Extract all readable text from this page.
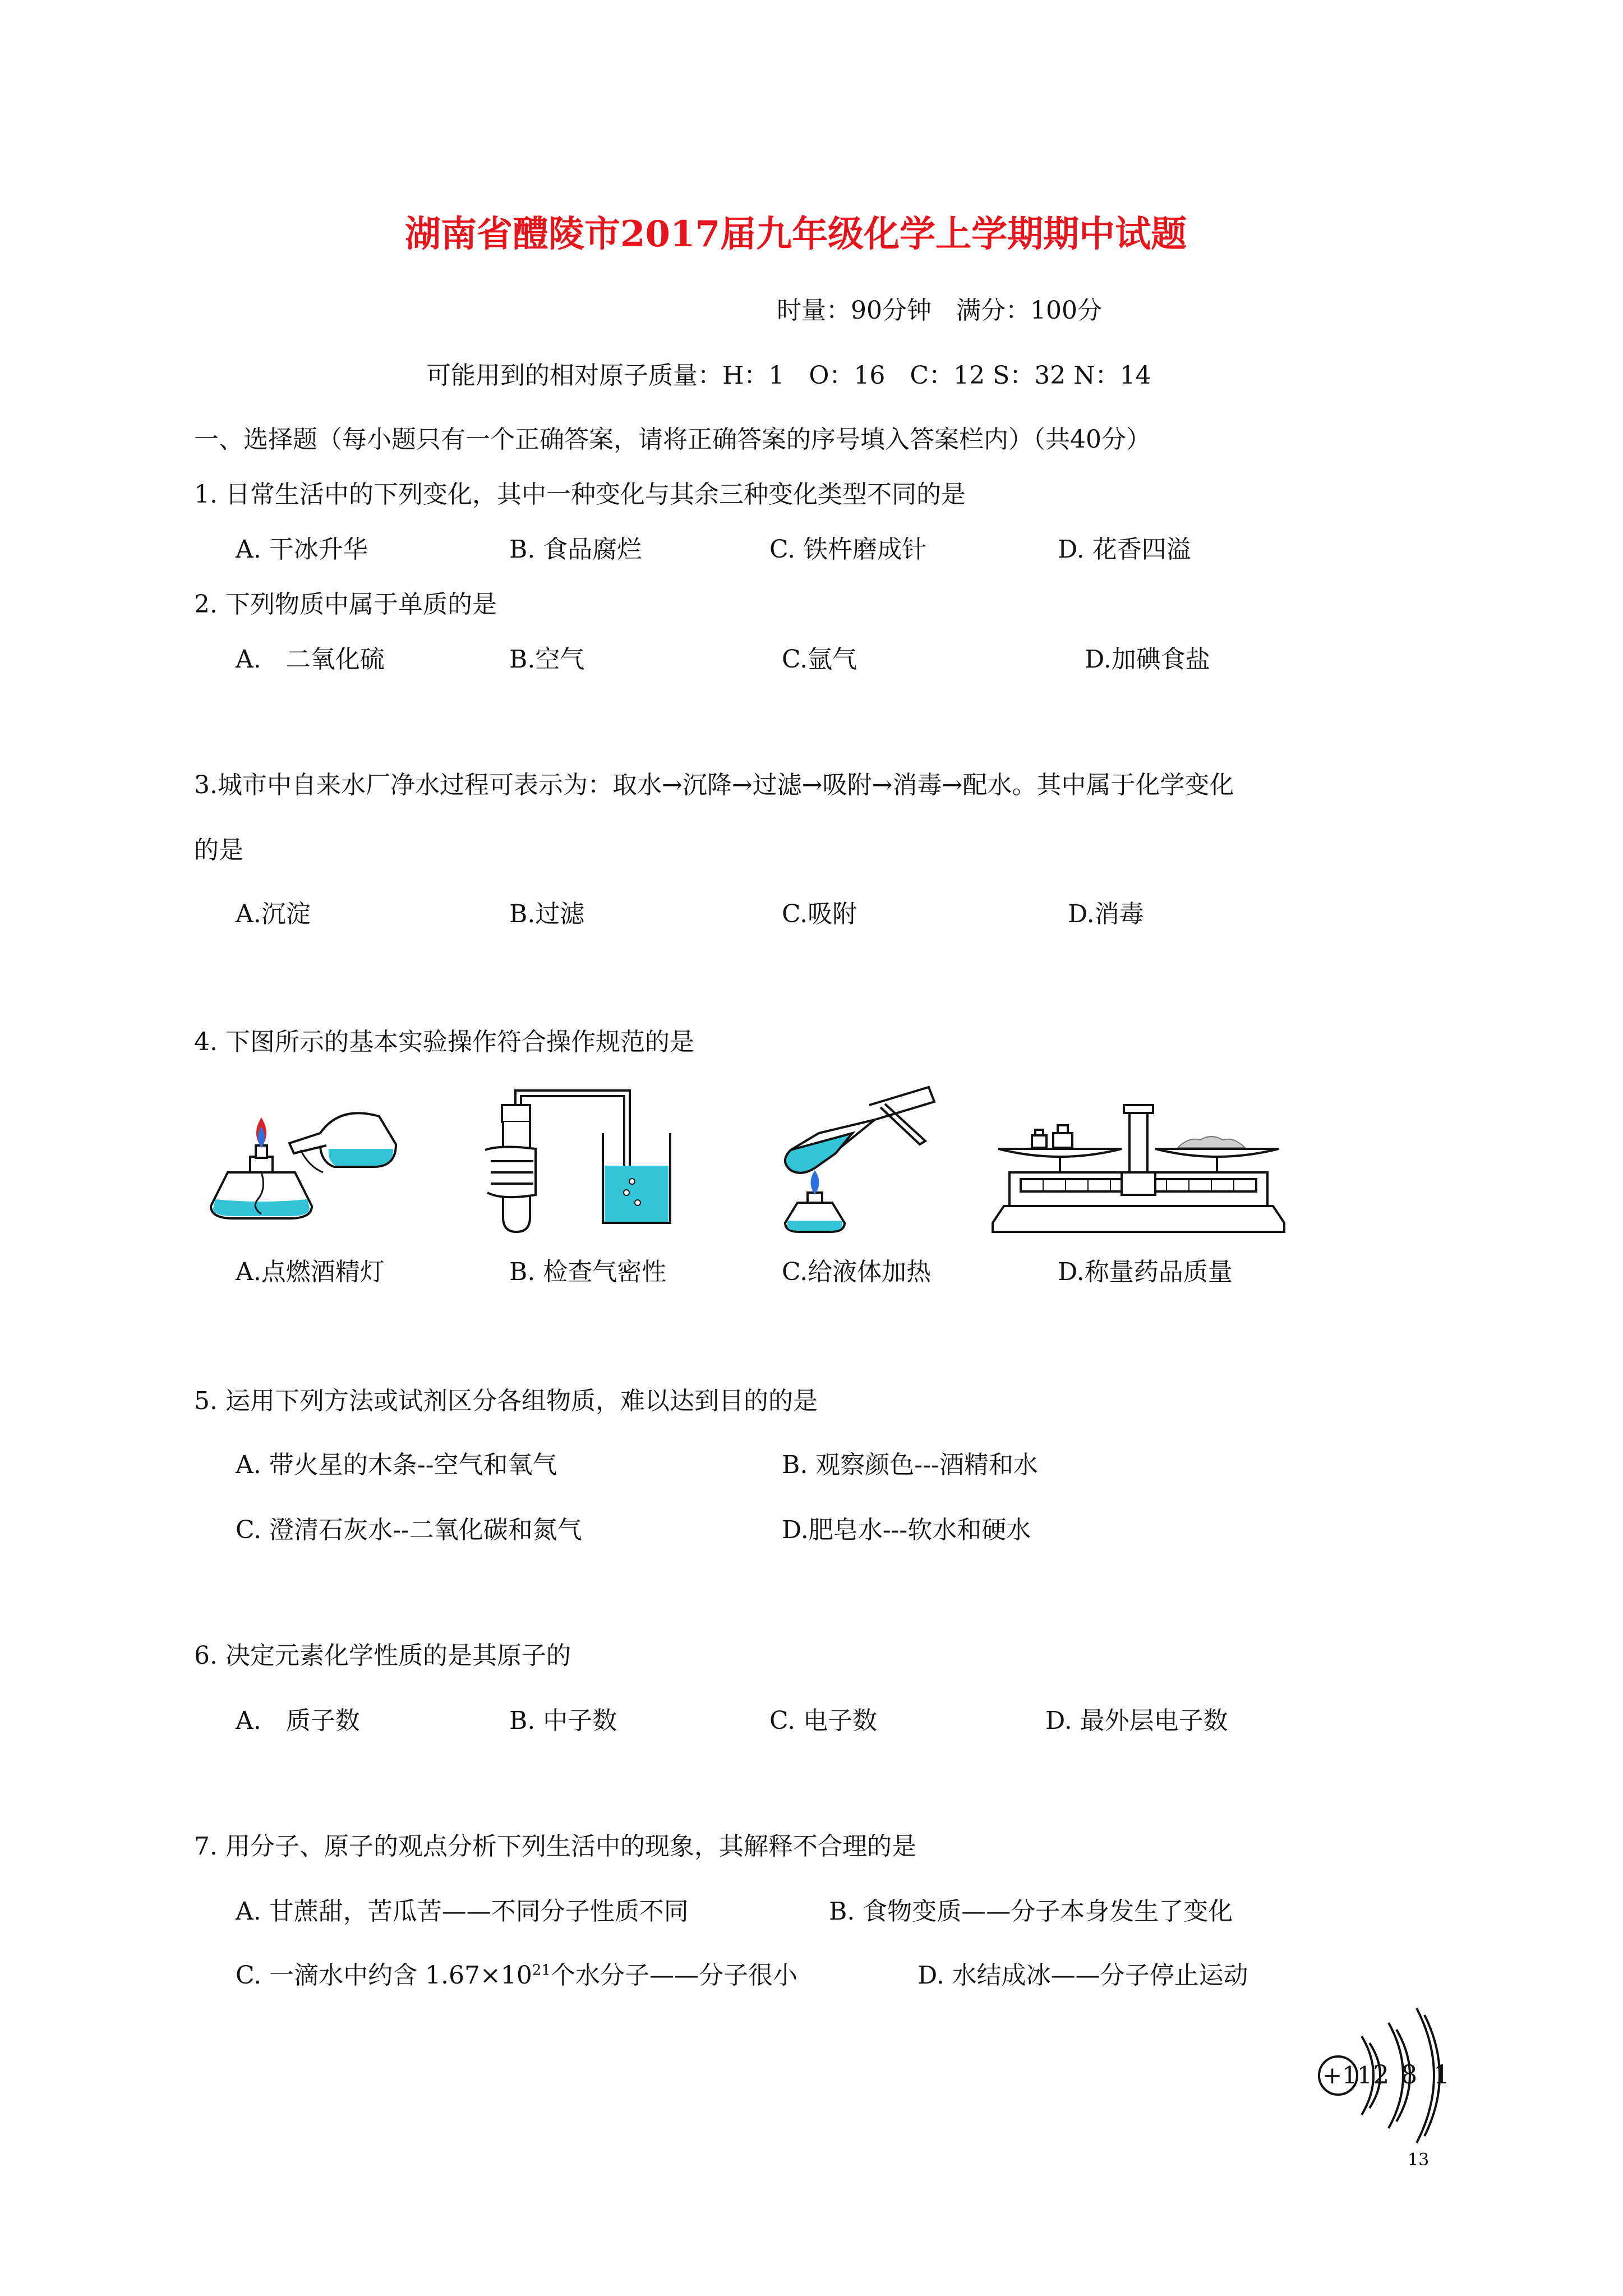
湖南省醴陵市2017届九年级化学上学期期中试题
时量：90分钟　满分：100分
可能用到的相对原子质量：H：1　O：16　C：12 S：32 N：14
一、选择题（每小题只有一个正确答案，请将正确答案的序号填入答案栏内）（共40分）
1. 日常生活中的下列变化，其中一种变化与其余三种变化类型不同的是
A. 干冰升华	B. 食品腐烂	C. 铁杵磨成针	D. 花香四溢
2. 下列物质中属于单质的是
A.　二氧化硫	B.空气	C.氩气	D.加碘食盐
3.城市中自来水厂净水过程可表示为：取水→沉降→过滤→吸附→消毒→配水。其中属于化学变化
的是
A.沉淀	B.过滤	C.吸附	D.消毒
4. 下图所示的基本实验操作符合操作规范的是
A.点燃酒精灯	B. 检查气密性	C.给液体加热	D.称量药品质量
5. 运用下列方法或试剂区分各组物质，难以达到目的的是
A. 带火星的木条--空气和氧气	B. 观察颜色---酒精和水
C. 澄清石灰水--二氧化碳和氮气	D.肥皂水---软水和硬水
6. 决定元素化学性质的是其原子的
A.　质子数	B. 中子数	C. 电子数	D. 最外层电子数
7. 用分子、原子的观点分析下列生活中的现象，其解释不合理的是
A. 甘蔗甜，苦瓜苦——不同分子性质不同	B. 食物变质——分子本身发生了变化
C. 一滴水中约含 $1.67\times 10^{21}$个水分子——分子很小	D. 水结成冰——分子停止运动
+11 2 8 1
13
